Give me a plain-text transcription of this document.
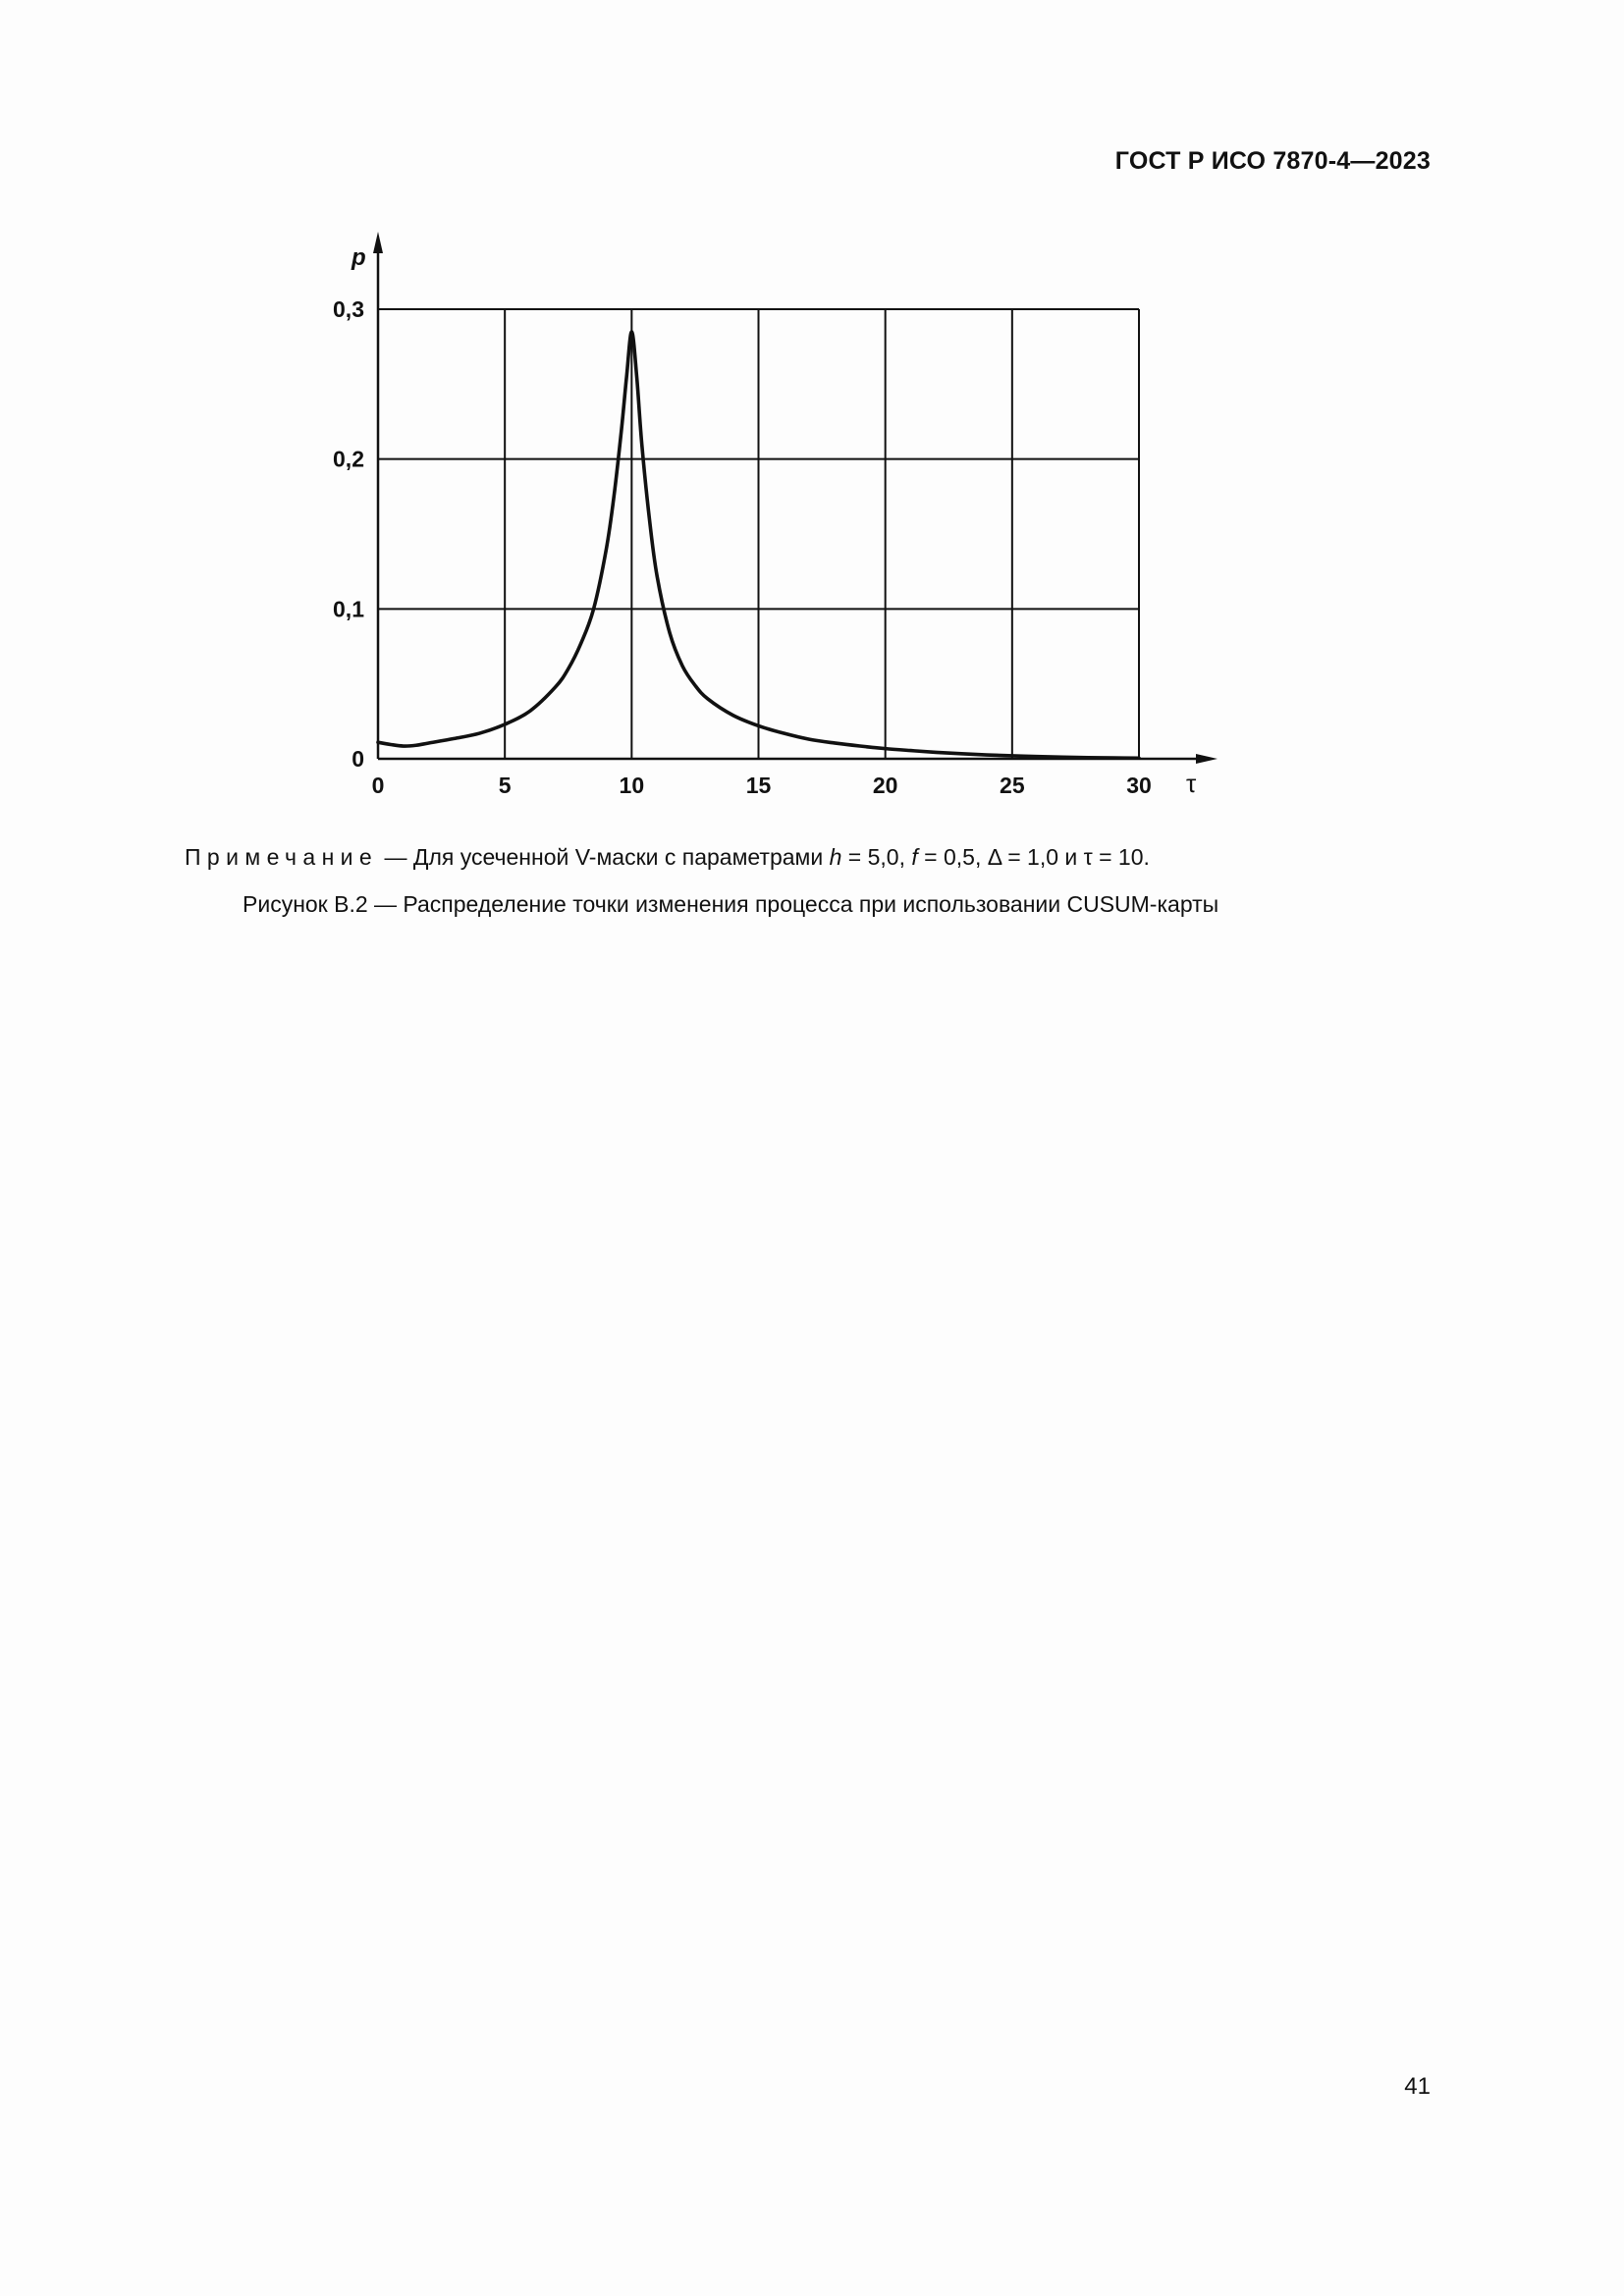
ГОСТ Р ИСО 7870-4—2023
p
τ
0	5	10	15	20	25	30
0
0,1
0,2
0,3
Примечание — Для усеченной V-маски с параметрами h = 5,0, f = 0,5, Δ = 1,0 и τ = 10.
Рисунок В.2 — Распределение точки изменения процесса при использовании CUSUM-карты
41
